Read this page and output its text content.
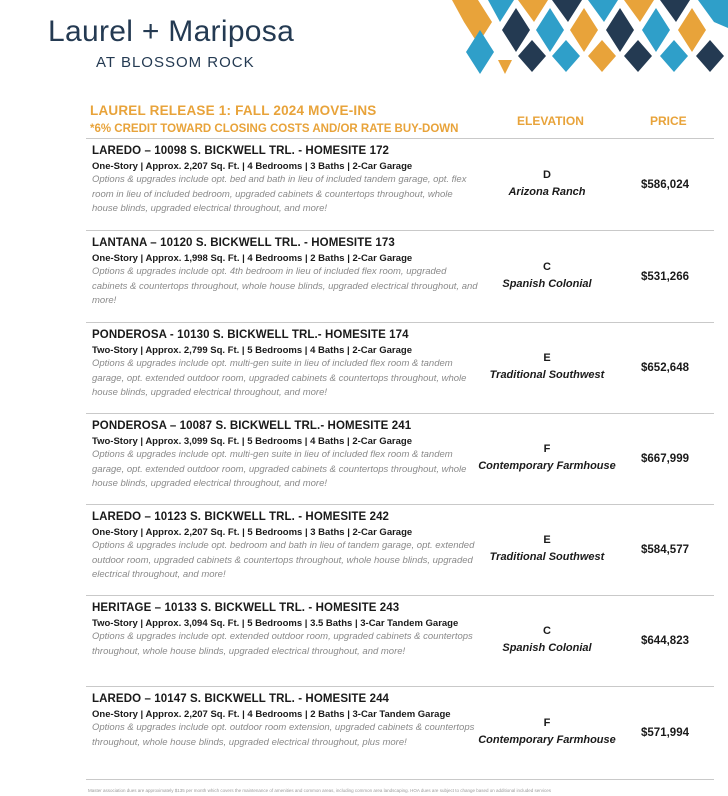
Laurel + Mariposa
AT BLOSSOM ROCK
LAUREL RELEASE 1: FALL 2024 MOVE-INS
*6% CREDIT TOWARD CLOSING COSTS AND/OR RATE BUY-DOWN
ELEVATION	PRICE
LAREDO – 10098 S. BICKWELL TRL. - HOMESITE 172
One-Story | Approx. 2,207 Sq. Ft. | 4 Bedrooms | 3 Baths | 2-Car Garage
Options & upgrades include opt. bed and bath in lieu of included tandem garage, opt. flex room in lieu of included bedroom, upgraded cabinets & countertops throughout, whole house blinds, upgraded electrical throughout, and more!
D
Arizona Ranch
$586,024
LANTANA – 10120 S. BICKWELL TRL. - HOMESITE 173
One-Story | Approx. 1,998 Sq. Ft. | 4 Bedrooms | 2 Baths | 2-Car Garage
Options & upgrades include opt. 4th bedroom in lieu of included flex room, upgraded cabinets & countertops throughout, whole house blinds, upgraded electrical throughout, and more!
C
Spanish Colonial
$531,266
PONDEROSA - 10130 S. BICKWELL TRL.- HOMESITE 174
Two-Story | Approx. 2,799 Sq. Ft. | 5 Bedrooms | 4 Baths | 2-Car Garage
Options & upgrades include opt. multi-gen suite in lieu of included flex room & tandem garage, opt. extended outdoor room, upgraded cabinets & countertops throughout, whole house blinds, upgraded electrical throughout, and more!
E
Traditional Southwest
$652,648
PONDEROSA – 10087 S. BICKWELL TRL.- HOMESITE 241
Two-Story | Approx. 3,099 Sq. Ft. | 5 Bedrooms | 4 Baths | 2-Car Garage
Options & upgrades include opt. multi-gen suite in lieu of included flex room & tandem garage, opt. extended outdoor room, upgraded cabinets & countertops throughout, whole house blinds, upgraded electrical throughout, and more!
F
Contemporary Farmhouse
$667,999
LAREDO – 10123 S. BICKWELL TRL. - HOMESITE 242
One-Story | Approx. 2,207 Sq. Ft. | 5 Bedrooms | 3 Baths | 2-Car Garage
Options & upgrades include opt. bedroom and bath in lieu of tandem garage, opt. extended outdoor room, upgraded cabinets & countertops throughout, whole house blinds, upgraded electrical throughout, and more!
E
Traditional Southwest
$584,577
HERITAGE – 10133 S. BICKWELL TRL. - HOMESITE 243
Two-Story | Approx. 3,094 Sq. Ft. | 5 Bedrooms | 3.5 Baths | 3-Car Tandem Garage
Options & upgrades include opt. extended outdoor room, upgraded cabinets & countertops throughout, whole house blinds, upgraded electrical throughout, and more!
C
Spanish Colonial
$644,823
LAREDO – 10147 S. BICKWELL TRL. - HOMESITE 244
One-Story | Approx. 2,207 Sq. Ft. | 4 Bedrooms | 2 Baths | 3-Car Tandem Garage
Options & upgrades include opt. outdoor room extension, upgraded cabinets & countertops throughout, whole house blinds, upgraded electrical throughout, plus more!
F
Contemporary Farmhouse
$571,994
Master association dues are approximately $135 per month which covers the maintenance of amenities and common areas, including common area landscaping. HOA dues are subject to change based on additional included services
